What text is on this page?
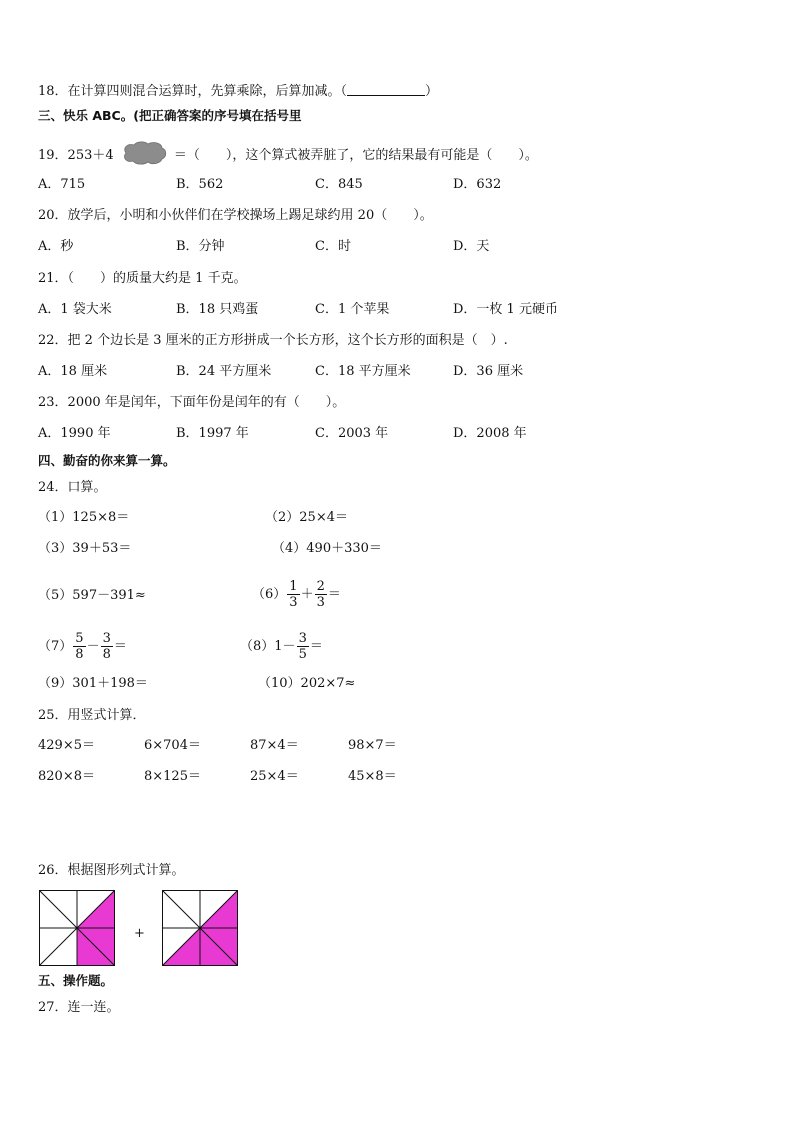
18．在计算四则混合运算时，先算乘除，后算加减。（	）
三、快乐 ABC。(把正确答案的序号填在括号里
19．253＋4	＝（　　），这个算式被弄脏了，它的结果最有可能是（　　）。
A．715	B．562	C．845	D．632
20．放学后，小明和小伙伴们在学校操场上踢足球约用 20（　　）。
A．秒	B．分钟	C．时	D．天
21．（　　）的质量大约是 1 千克。
A．1 袋大米	B．18 只鸡蛋	C．1 个苹果	D．一枚 1 元硬币
22．把 2 个边长是 3 厘米的正方形拼成一个长方形，这个长方形的面积是（　）.
A．18 厘米	B．24 平方厘米	C．18 平方厘米	D．36 厘米
23．2000 年是闰年，下面年份是闰年的有（　　）。
A．1990 年	B．1997 年	C．2003 年	D．2008 年
四、勤奋的你来算一算。
24．口算。
（1）125×8＝	（2）25×4＝
（3）39＋53＝	（4）490＋330＝
（5）597－391≈	$(6) \frac{1}{3} + \frac{2}{3}$ ＝
$(7) \frac{5}{8} - \frac{3}{8}$ ＝	$(8)1- \frac{3}{5}$ ＝
（9）301＋198＝	（10）202×7≈
25．用竖式计算．
429×5＝	6×704＝	87×4＝	98×7＝
820×8＝	8×125＝	25×4＝	45×8＝
26．根据图形列式计算。
+
五、操作题。
27．连一连。
